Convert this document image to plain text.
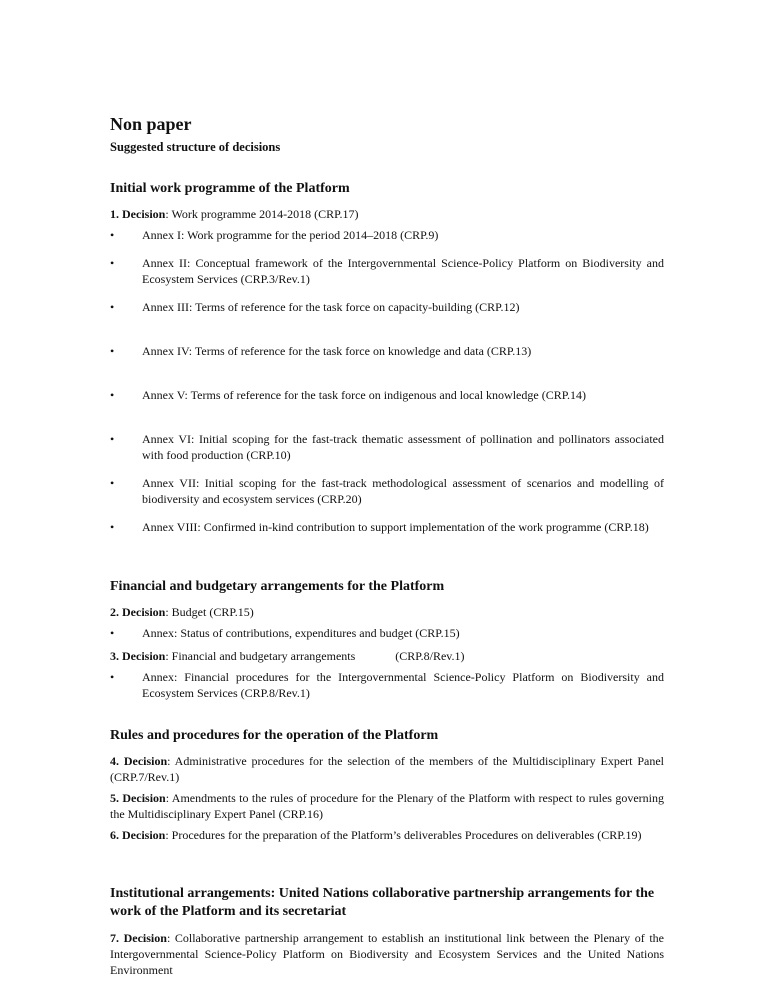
Non paper
Suggested structure of decisions
Initial work programme of the Platform

1. Decision: Work programme 2014-2018 (CRP.17)

•	Annex I: Work programme for the period 2014–2018 (CRP.9)
•	Annex II: Conceptual framework of the Intergovernmental Science-Policy Platform on Biodiversity and Ecosystem Services (CRP.3/Rev.1)
•	Annex III: Terms of reference for the task force on capacity-building (CRP.12)
•	Annex IV: Terms of reference for the task force on knowledge and data (CRP.13)
•	Annex V: Terms of reference for the task force on indigenous and local knowledge (CRP.14)
•	Annex VI: Initial scoping for the fast-track thematic assessment of pollination and pollinators associated with food production (CRP.10)
•	Annex VII: Initial scoping for the fast-track methodological assessment of scenarios and modelling of biodiversity and ecosystem services (CRP.20)
•	Annex VIII: Confirmed in-kind contribution to support implementation of the work programme (CRP.18)
Financial and budgetary arrangements for the Platform

2. Decision: Budget (CRP.15)

•	Annex: Status of contributions, expenditures and budget (CRP.15)

3. Decision: Financial and budgetary arrangements	(CRP.8/Rev.1)

•	Annex: Financial procedures for the Intergovernmental Science-Policy Platform on Biodiversity and Ecosystem Services (CRP.8/Rev.1)
Rules and procedures for the operation of the Platform

4. Decision: Administrative procedures for the selection of the members of the Multidisciplinary Expert Panel (CRP.7/Rev.1)

5. Decision: Amendments to the rules of procedure for the Plenary of the Platform with respect to rules governing the Multidisciplinary Expert Panel (CRP.16)

6. Decision: Procedures for the preparation of the Platform’s deliverables Procedures on deliverables (CRP.19)

Institutional arrangements: United Nations collaborative partnership arrangements for the work of the Platform and its secretariat

7. Decision: Collaborative partnership arrangement to establish an institutional link between the Plenary of the Intergovernmental Science-Policy Platform on Biodiversity and Ecosystem Services and the United Nations Environment
